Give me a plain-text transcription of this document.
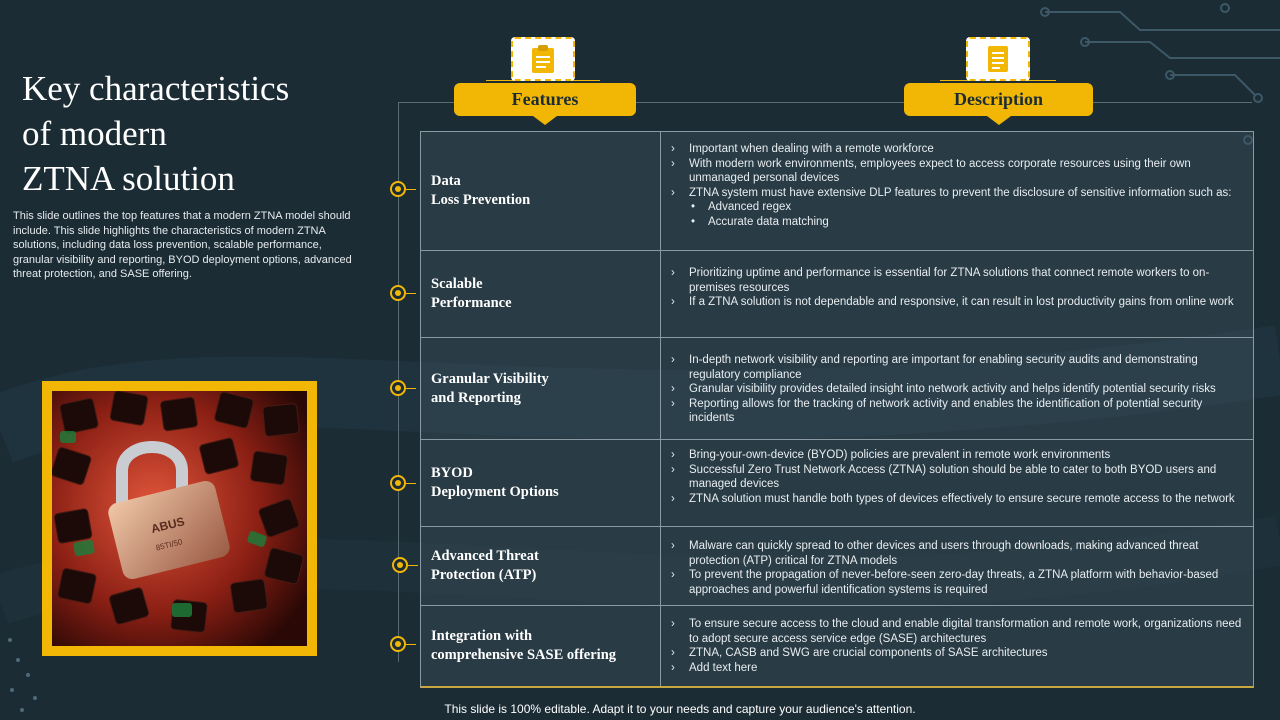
Key characteristics
of modern
ZTNA solution
This slide outlines the top features that a modern ZTNA model should include. This slide highlights the characteristics of modern ZTNA solutions, including data loss prevention, scalable performance, granular visibility and reporting, BYOD deployment options, advanced threat protection, and SASE offering.
ABUS
85TI/50
Features	Description
Data
Loss Prevention
› Important when dealing with a remote workforce
› With modern work environments, employees expect to access corporate resources using their own unmanaged personal devices
› ZTNA system must have extensive DLP features to prevent the disclosure of sensitive information such as:
• Advanced regex
• Accurate data matching
Scalable
Performance
› Prioritizing uptime and performance is essential for ZTNA solutions that connect remote workers to on-premises resources
› If a ZTNA solution is not dependable and responsive, it can result in lost productivity gains from online work
Granular Visibility
and Reporting
› In-depth network visibility and reporting are important for enabling security audits and demonstrating regulatory compliance
› Granular visibility provides detailed insight into network activity and helps identify potential security risks
› Reporting allows for the tracking of network activity and enables the identification of potential security incidents
BYOD
Deployment Options
› Bring-your-own-device (BYOD) policies are prevalent in remote work environments
› Successful Zero Trust Network Access (ZTNA) solution should be able to cater to both BYOD users and managed devices
› ZTNA solution must handle both types of devices effectively to ensure secure remote access to the network
Advanced Threat
Protection (ATP)
› Malware can quickly spread to other devices and users through downloads, making advanced threat protection (ATP) critical for ZTNA models
› To prevent the propagation of never-before-seen zero-day threats, a ZTNA platform with behavior-based approaches and powerful identification systems is required
Integration with
comprehensive SASE offering
› To ensure secure access to the cloud and enable digital transformation and remote work, organizations need to adopt secure access service edge (SASE) architectures
› ZTNA, CASB and SWG are crucial components of SASE architectures
› Add text here
This slide is 100% editable. Adapt it to your needs and capture your audience's attention.
